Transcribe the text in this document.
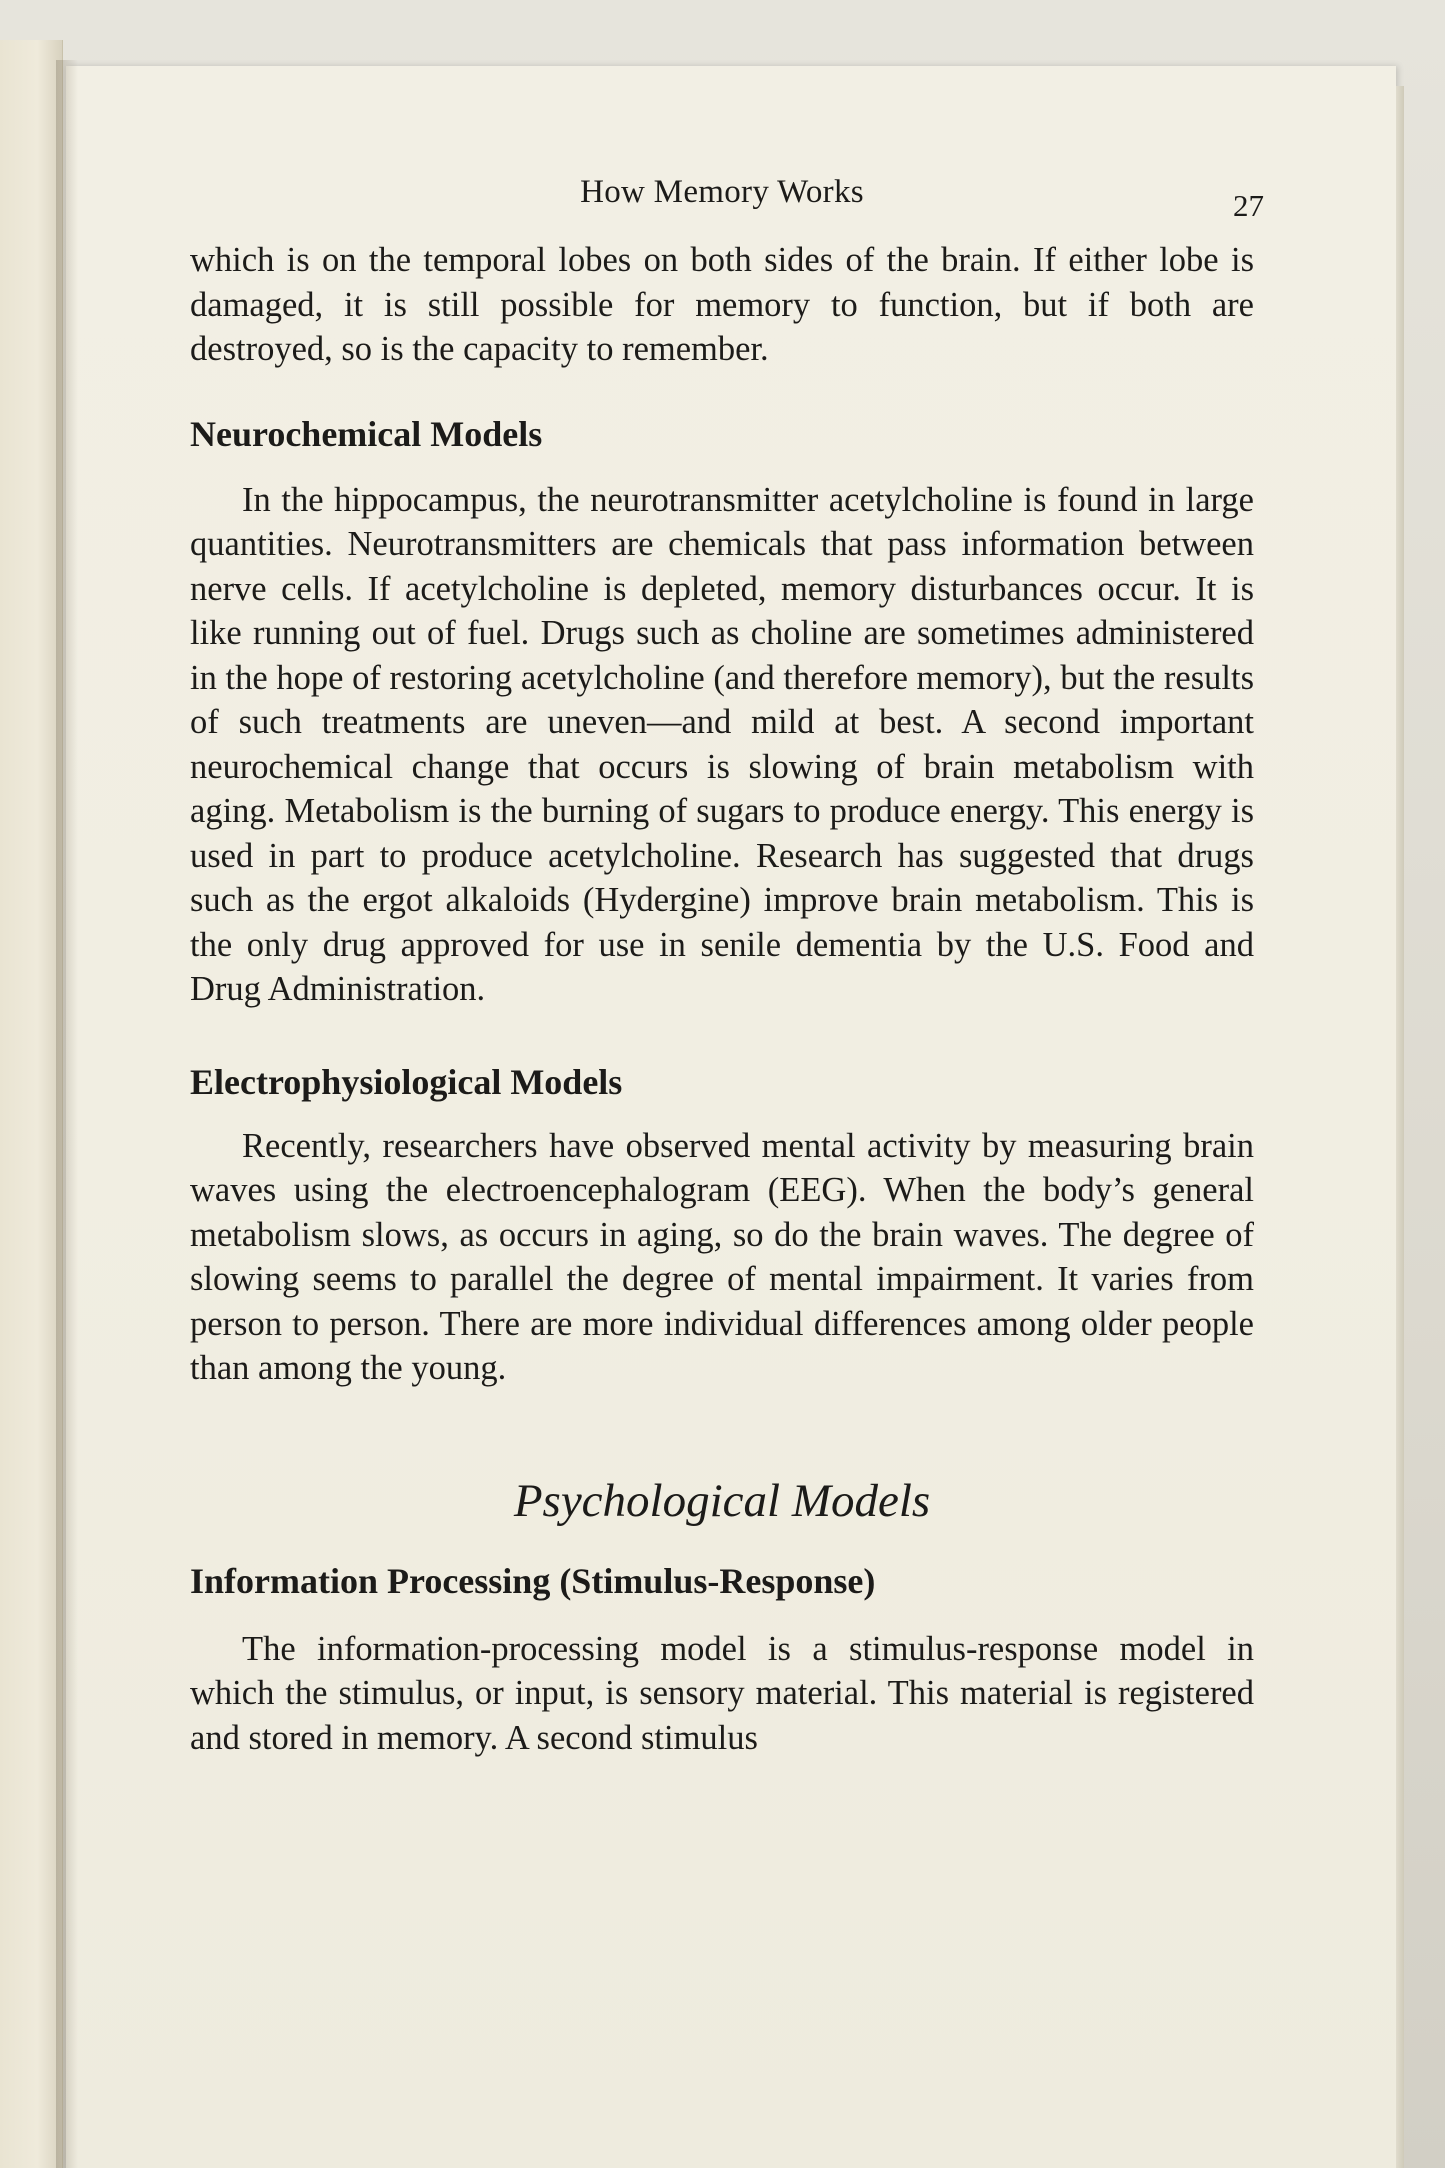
How Memory Works	27

which is on the temporal lobes on both sides of the brain. If either lobe is damaged, it is still possible for memory to function, but if both are destroyed, so is the capacity to remember.

Neurochemical Models

In the hippocampus, the neurotransmitter acetylcholine is found in large quantities. Neurotransmitters are chemicals that pass information between nerve cells. If acetylcholine is depleted, memory disturbances occur. It is like running out of fuel. Drugs such as choline are sometimes administered in the hope of restoring acetylcholine (and therefore memory), but the results of such treatments are uneven—and mild at best. A second important neurochemical change that occurs is slowing of brain metabolism with aging. Metabolism is the burning of sugars to produce energy. This energy is used in part to produce acetylcholine. Research has suggested that drugs such as the ergot alkaloids (Hydergine) improve brain metabolism. This is the only drug approved for use in senile dementia by the U.S. Food and Drug Administration.

Electrophysiological Models

Recently, researchers have observed mental activity by measuring brain waves using the electroencephalogram (EEG). When the body’s general metabolism slows, as occurs in aging, so do the brain waves. The degree of slowing seems to parallel the degree of mental impairment. It varies from person to person. There are more individual differences among older people than among the young.

Psychological Models
Information Processing (Stimulus-Response)

The information-processing model is a stimulus-response model in which the stimulus, or input, is sensory material. This material is registered and stored in memory. A second stimulus
